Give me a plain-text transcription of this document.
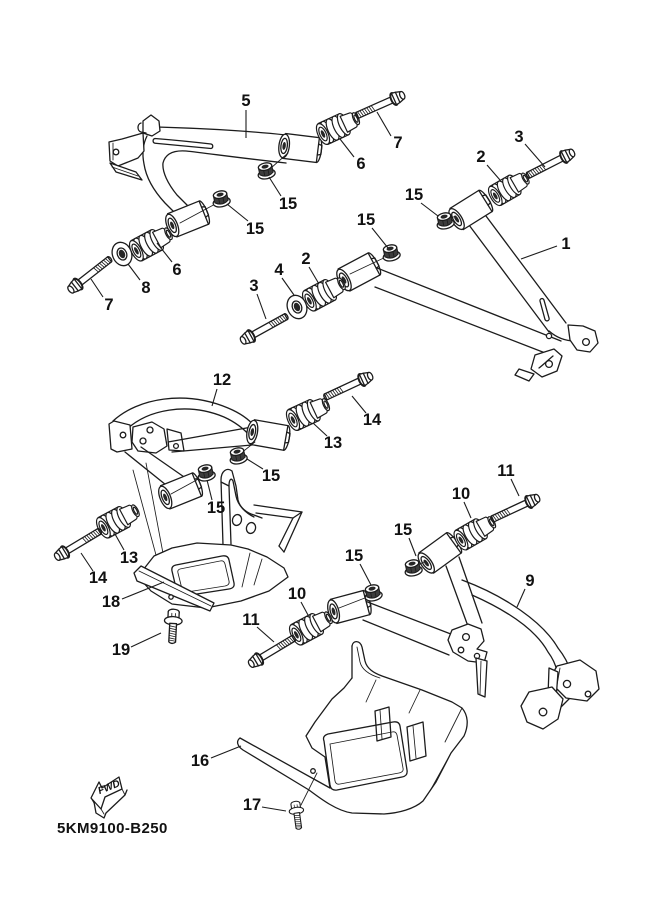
FWD
5KM9100-B250
5
7
6
15
15
6
8
7
3
2
15
1
15
2
4
3
12
14
13
15
15
13
14
18
19
11
10
15
15
9
10
11
16
17
